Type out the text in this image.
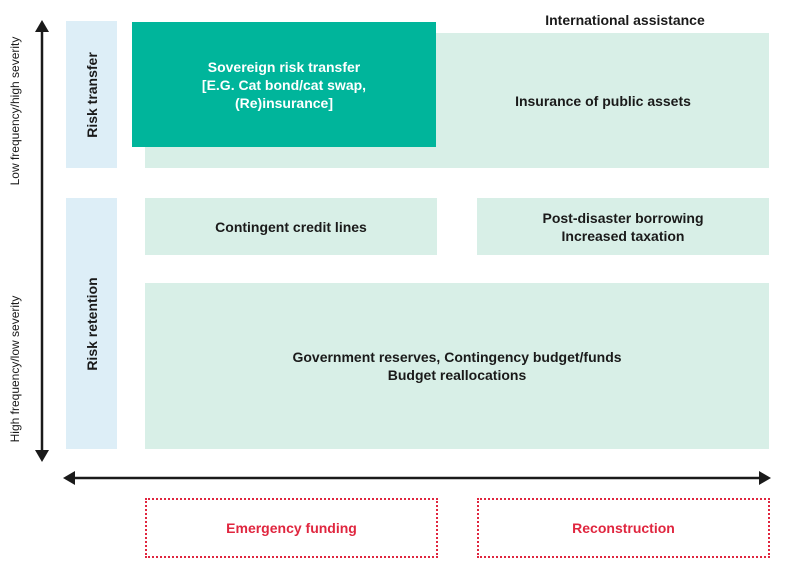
Low frequency/high severity
High frequency/low severity
Risk transfer
Risk retention
International assistance
Insurance of public assets
Sovereign risk transfer
[E.G. Cat bond/cat swap,
(Re)insurance]
Contingent credit lines
Post-disaster borrowing
Increased taxation
Government reserves, Contingency budget/funds
Budget reallocations
Emergency funding	Reconstruction
